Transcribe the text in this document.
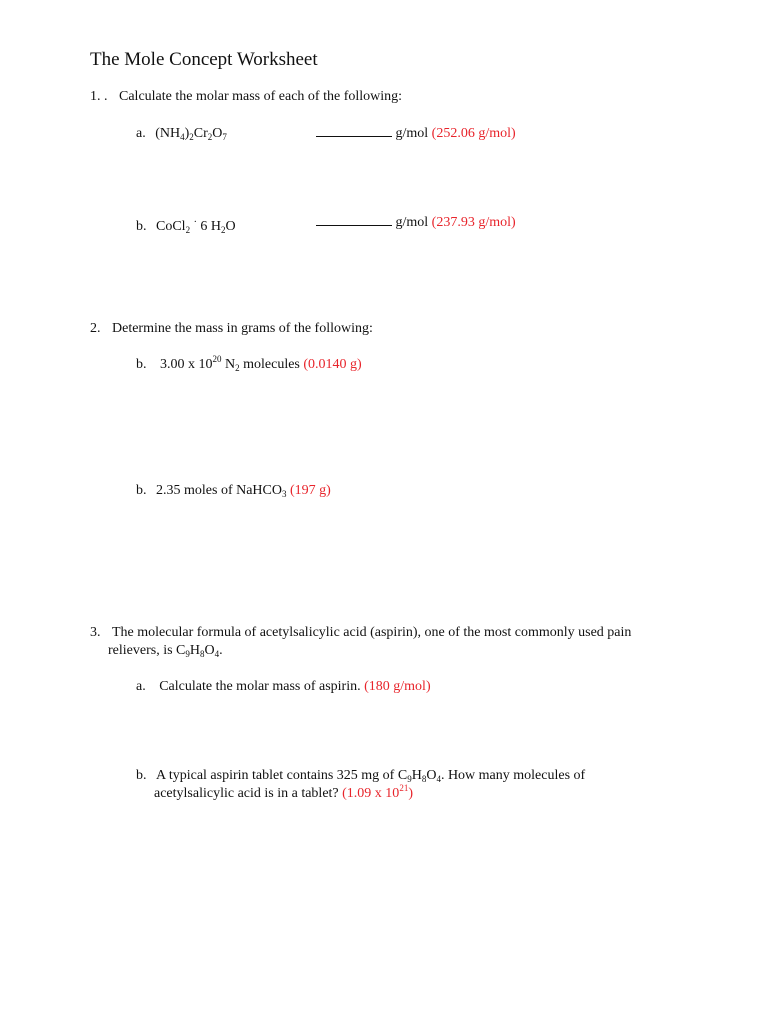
The Mole Concept Worksheet
1. . Calculate the molar mass of each of the following:
a. $(NH_4)_2Cr_2O_7$	g/mol (252.06 g/mol)
b. CoCl$_2$ · 6 $H_2O$	g/mol (237.93 g/mol)
2. Determine the mass in grams of the following:
b. 3.00 x $10^{20}$ $N_2$ molecules (0.0140 g)
b. 2.35 moles of NaHCO$_3$ (197 g)
3. The molecular formula of acetylsalicylic acid (aspirin), one of the most commonly used pain
relievers, is $C_9H_8O_4$.
a. Calculate the molar mass of aspirin. (180 g/mol)
b. A typical aspirin tablet contains 325 mg of $C_9H_8O_4$. How many molecules of
acetylsalicylic acid is in a tablet? (1.09 x $10^{21}$)
